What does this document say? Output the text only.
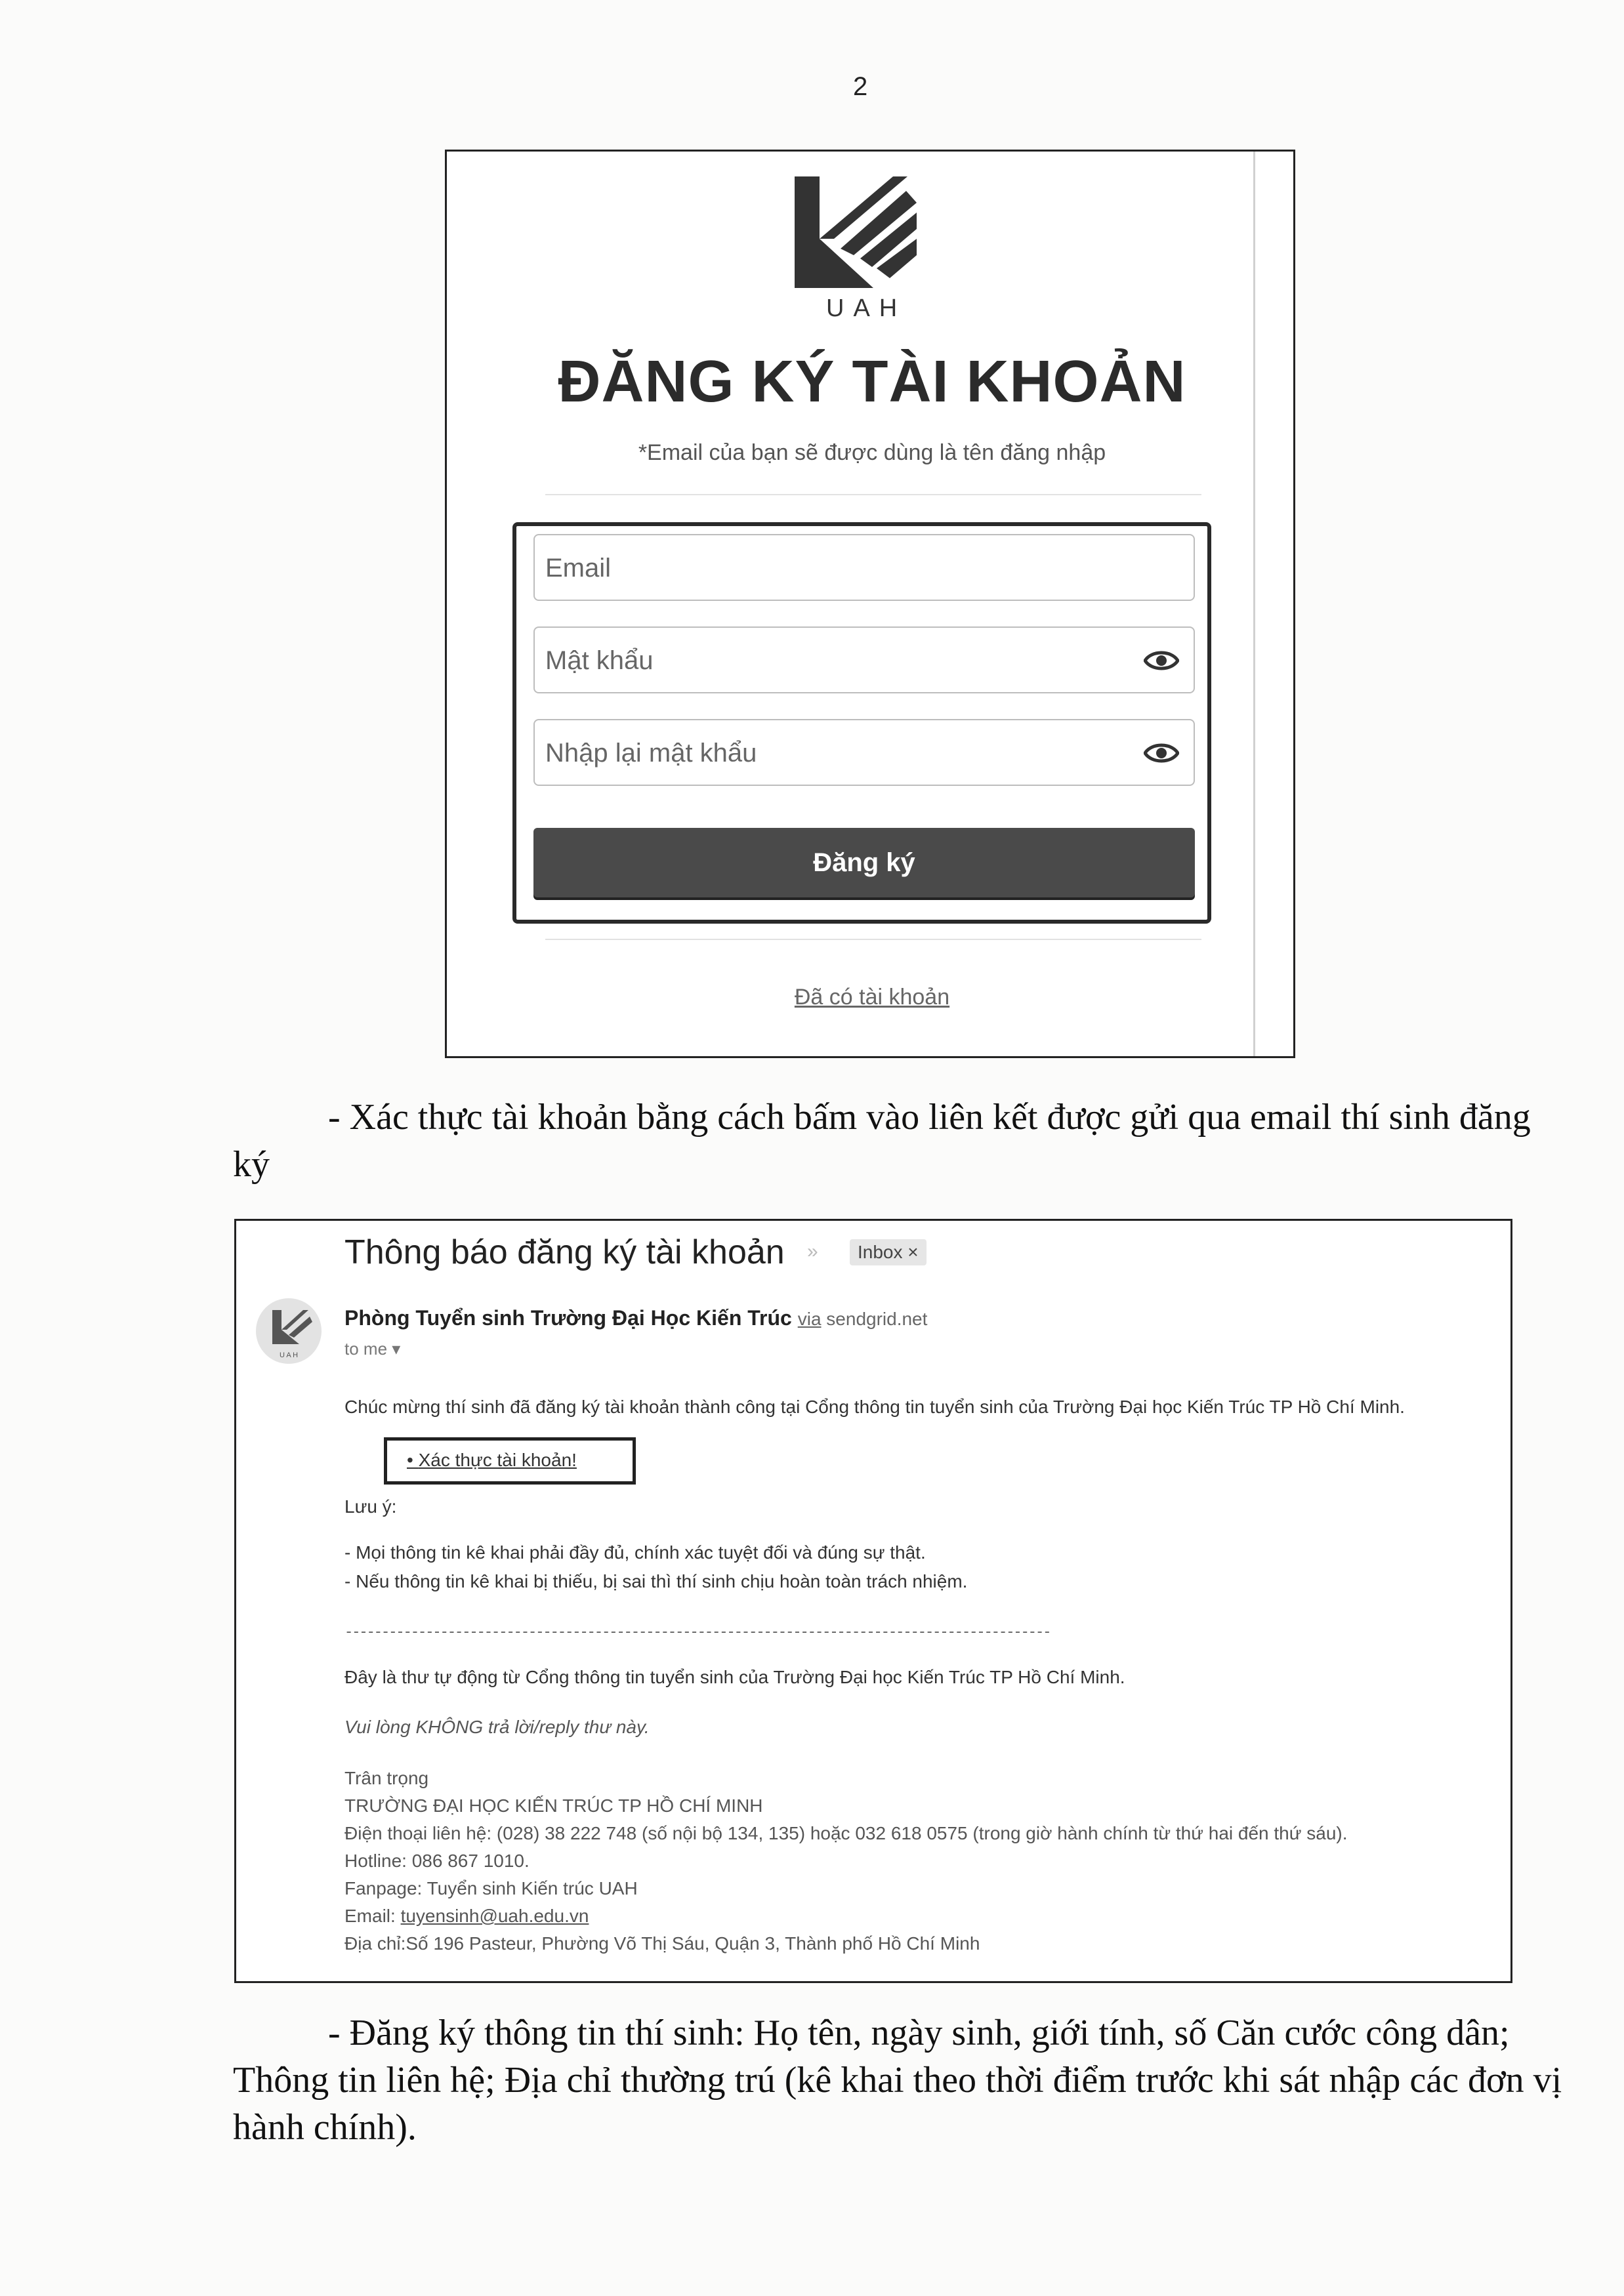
2
UAH
ĐĂNG KÝ TÀI KHOẢN
*Email của bạn sẽ được dùng là tên đăng nhập
Email
Đăng ký
Đã có tài khoản
- Xác thực tài khoản bằng cách bấm vào liên kết được gửi qua email thí sinh đăng
ký
Thông báo đăng ký tài khoản »	Inbox ×
U A H
Phòng Tuyển sinh Trường Đại Học Kiến Trúc via sendgrid.net
to me ▾
Chúc mừng thí sinh đã đăng ký tài khoản thành công tại Cổng thông tin tuyển sinh của Trường Đại học Kiến Trúc TP Hồ Chí Minh.
• Xác thực tài khoản!
Lưu ý:
- Mọi thông tin kê khai phải đầy đủ, chính xác tuyệt đối và đúng sự thật.
- Nếu thông tin kê khai bị thiếu, bị sai thì thí sinh chịu hoàn toàn trách nhiệm.
------------------------------------------------------------------------------------------------
Đây là thư tự động từ Cổng thông tin tuyển sinh của Trường Đại học Kiến Trúc TP Hồ Chí Minh.
Vui lòng KHÔNG trả lời/reply thư này.
Trân trọng
TRƯỜNG ĐẠI HỌC KIẾN TRÚC TP HỒ CHÍ MINH
Điện thoại liên hệ: (028) 38 222 748 (số nội bộ 134, 135) hoặc 032 618 0575 (trong giờ hành chính từ thứ hai đến thứ sáu).
Hotline: 086 867 1010.
Fanpage: Tuyển sinh Kiến trúc UAH
Email: tuyensinh@uah.edu.vn
Địa chỉ:Số 196 Pasteur, Phường Võ Thị Sáu, Quận 3, Thành phố Hồ Chí Minh
- Đăng ký thông tin thí sinh: Họ tên, ngày sinh, giới tính, số Căn cước công dân;
Thông tin liên hệ; Địa chỉ thường trú (kê khai theo thời điểm trước khi sát nhập các đơn vị
hành chính).
